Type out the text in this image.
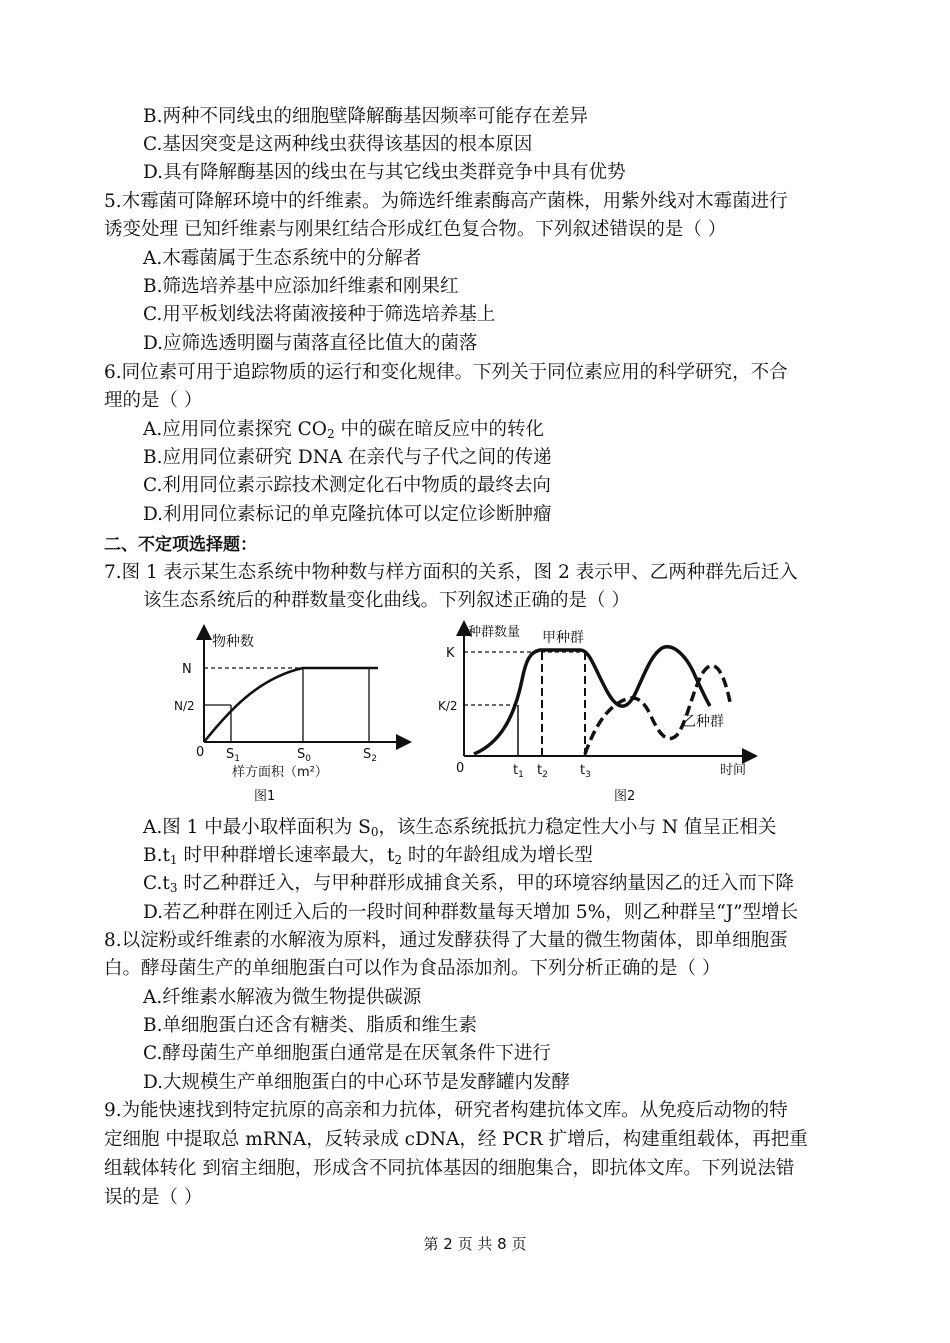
B.两种不同线虫的细胞壁降解酶基因频率可能存在差异
C.基因突变是这两种线虫获得该基因的根本原因
D.具有降解酶基因的线虫在与其它线虫类群竞争中具有优势
5.木霉菌可降解环境中的纤维素。为筛选纤维素酶高产菌株，用紫外线对木霉菌进行
诱变处理 已知纤维素与刚果红结合形成红色复合物。下列叙述错误的是（ ）
A.木霉菌属于生态系统中的分解者
B.筛选培养基中应添加纤维素和刚果红
C.用平板划线法将菌液接种于筛选培养基上
D.应筛选透明圈与菌落直径比值大的菌落
6.同位素可用于追踪物质的运行和变化规律。下列关于同位素应用的科学研究，不合
理的是（ ）
A.应用同位素探究 $CO_2$ 中的碳在暗反应中的转化
B.应用同位素研究 DNA 在亲代与子代之间的传递
C.利用同位素示踪技术测定化石中物质的最终去向
D.利用同位素标记的单克隆抗体可以定位诊断肿瘤
二、不定项选择题：
7.图 1 表示某生态系统中物种数与样方面积的关系，图 2 表示甲、乙两种群先后迁入
该生态系统后的种群数量变化曲线。下列叙述正确的是（ ）
物种数
N
N/2
0 $S_1$	$S_0$	$S_2$
样方面积（m²）
图1
种群数量 甲种群
乙种群
K
K/2
0	$t_1$ $t_2$ $t_3$	时间
图2
A.图 1 中最小取样面积为 $S_0$，该生态系统抵抗力稳定性大小与 N 值呈正相关
$B.t_1$ 时甲种群增长速率最大，$t_2$ 时的年龄组成为增长型
$C.t_3$ 时乙种群迁入，与甲种群形成捕食关系，甲的环境容纳量因乙的迁入而下降
D.若乙种群在刚迁入后的一段时间种群数量每天增加 5%，则乙种群呈“J”型增长
8.以淀粉或纤维素的水解液为原料，通过发酵获得了大量的微生物菌体，即单细胞蛋
白。酵母菌生产的单细胞蛋白可以作为食品添加剂。下列分析正确的是（ ）
A.纤维素水解液为微生物提供碳源
B.单细胞蛋白还含有糖类、脂质和维生素
C.酵母菌生产单细胞蛋白通常是在厌氧条件下进行
D.大规模生产单细胞蛋白的中心环节是发酵罐内发酵
9.为能快速找到特定抗原的高亲和力抗体，研究者构建抗体文库。从免疫后动物的特
定细胞 中提取总 mRNA，反转录成 cDNA，经 PCR 扩增后，构建重组载体，再把重
组载体转化 到宿主细胞，形成含不同抗体基因的细胞集合，即抗体文库。下列说法错
误的是（ ）
第 2 页 共 8 页
